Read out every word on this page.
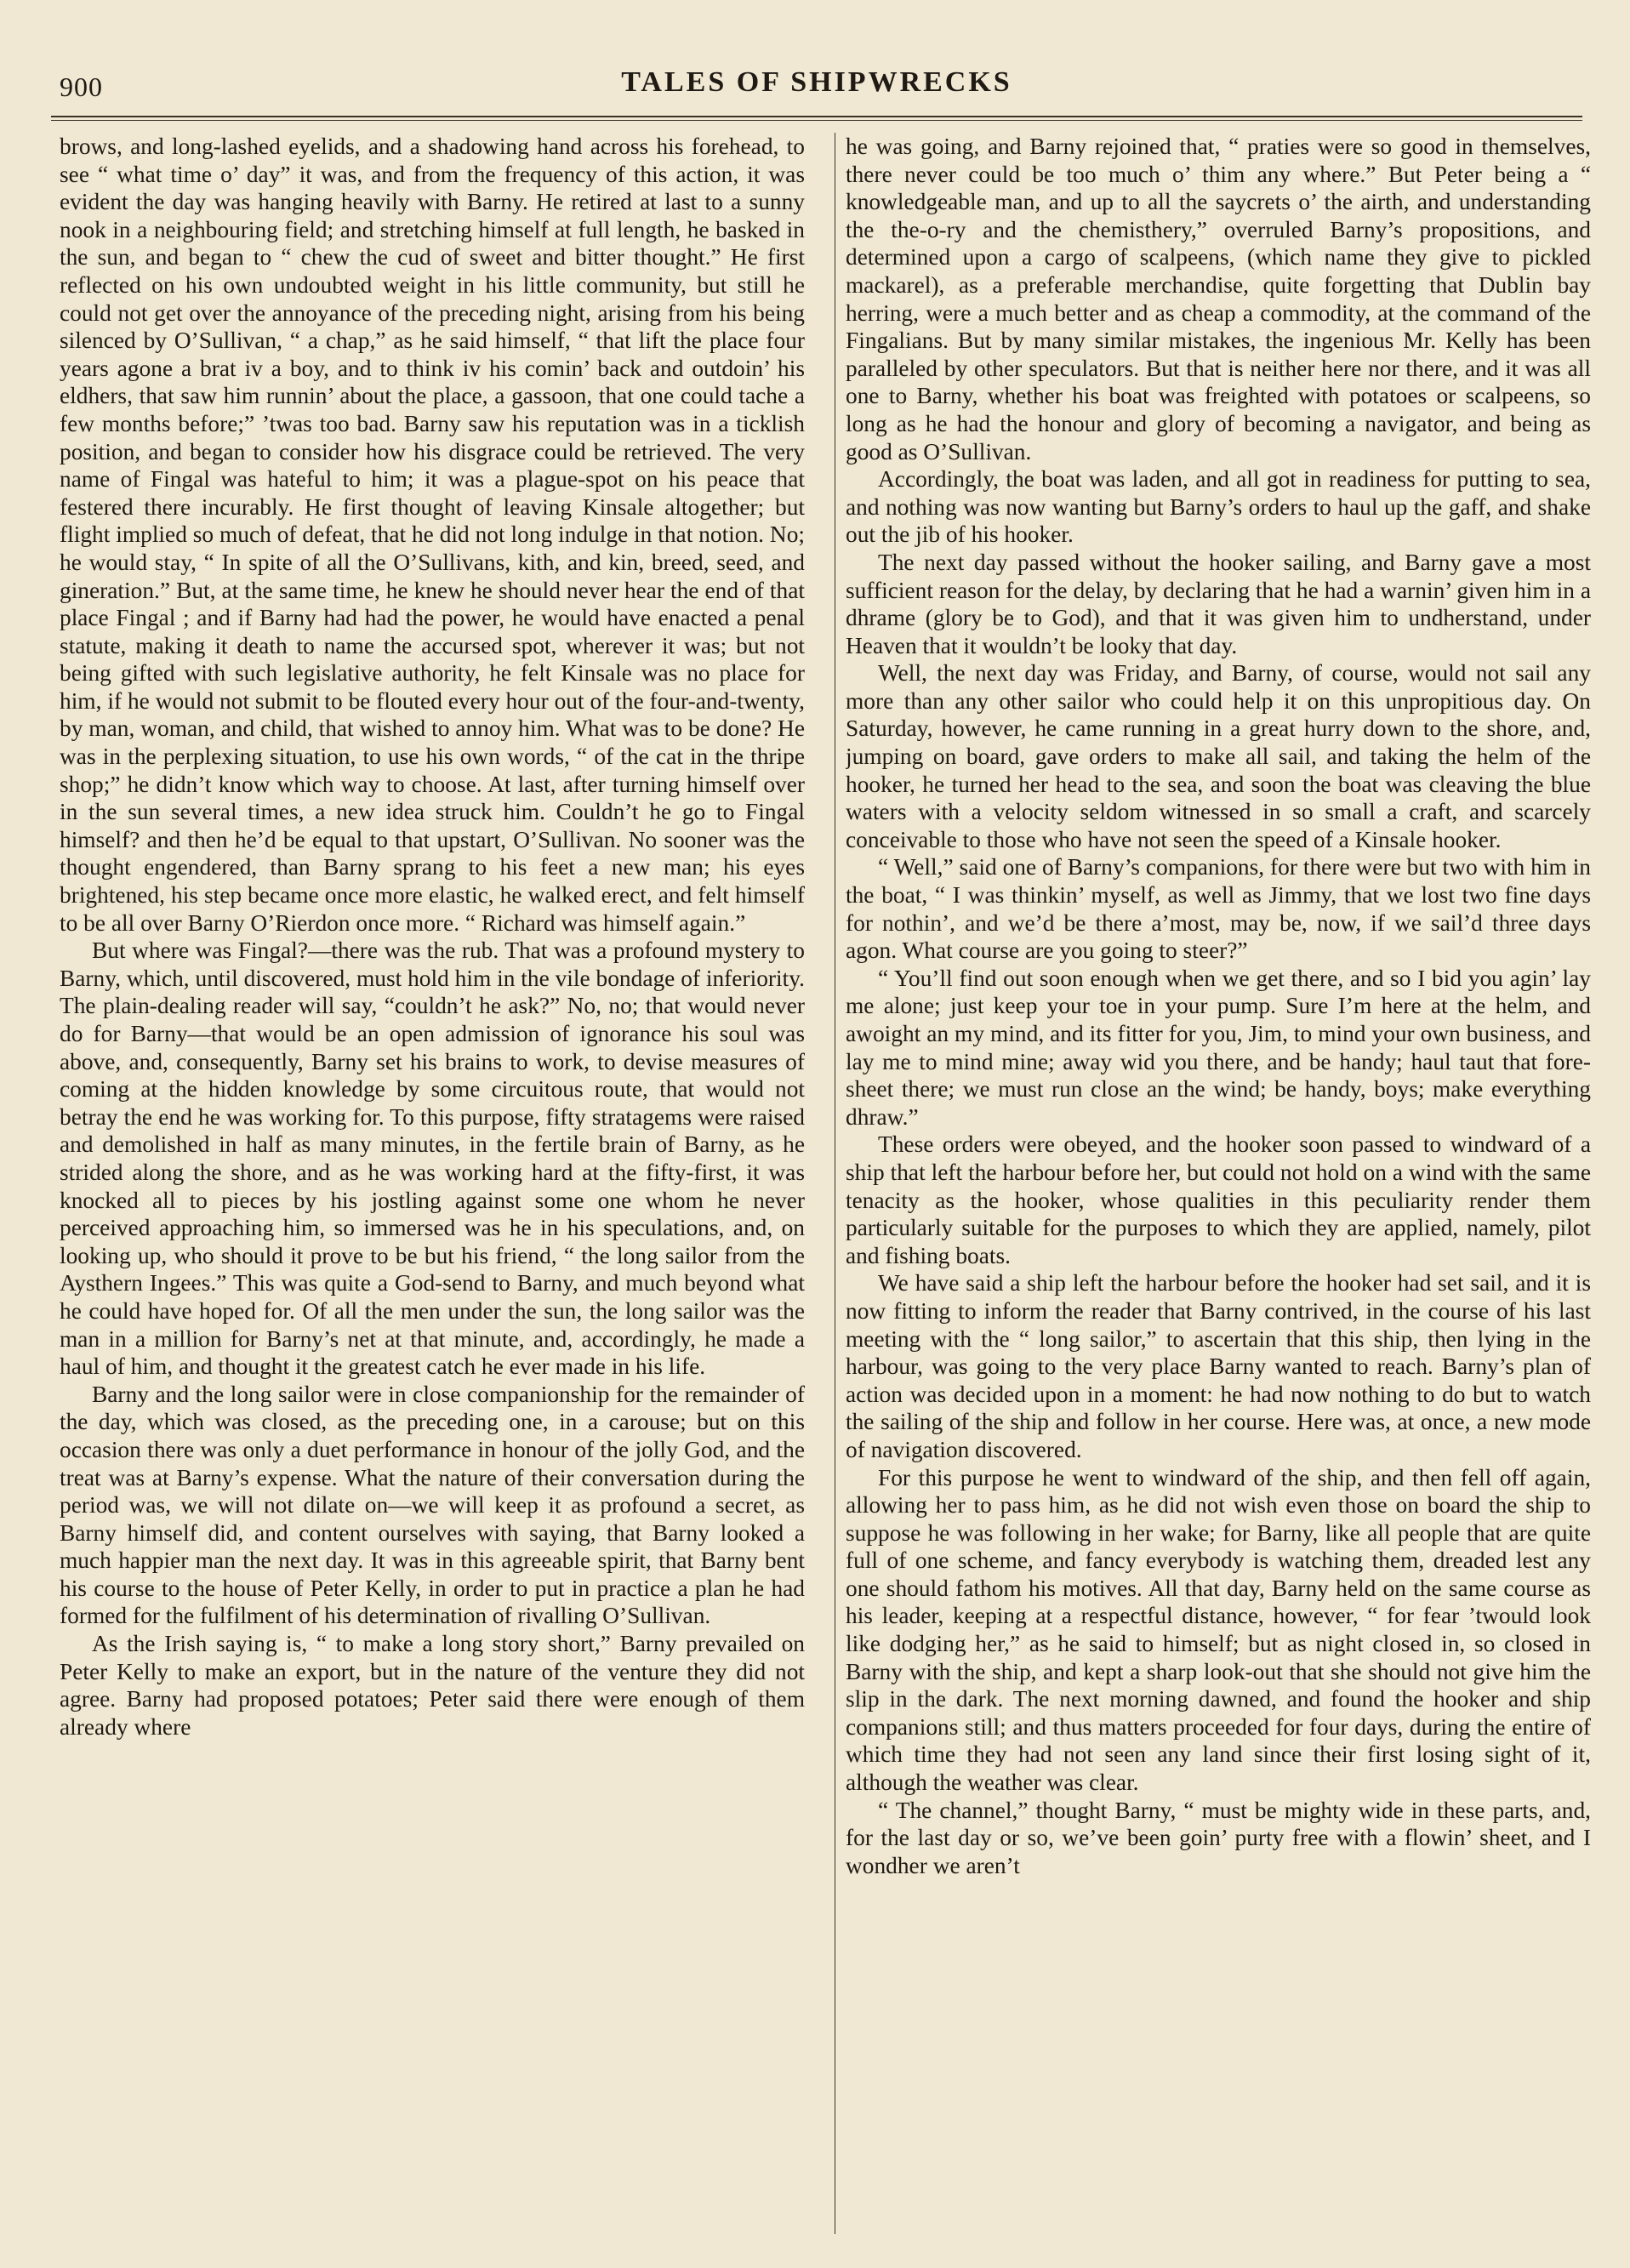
900	TALES OF SHIPWRECKS

brows, and long-lashed eyelids, and a shadowing hand across his forehead, to see “ what time o’ day” it was, and from the frequency of this action, it was evident the day was hanging heavily with Barny. He retired at last to a sunny nook in a neighbouring field; and stretching himself at full length, he basked in the sun, and began to “ chew the cud of sweet and bitter thought.” He first reflected on his own undoubted weight in his little community, but still he could not get over the annoyance of the preceding night, arising from his being silenced by O’Sullivan, “ a chap,” as he said himself, “ that lift the place four years agone a brat iv a boy, and to think iv his comin’ back and outdoin’ his eldhers, that saw him runnin’ about the place, a gassoon, that one could tache a few months before;” ’twas too bad. Barny saw his reputation was in a ticklish position, and began to consider how his disgrace could be retrieved. The very name of Fingal was hateful to him; it was a plague-spot on his peace that festered there incurably. He first thought of leaving Kinsale altogether; but flight implied so much of defeat, that he did not long indulge in that notion. No; he would stay, “ In spite of all the O’Sullivans, kith, and kin, breed, seed, and gineration.” But, at the same time, he knew he should never hear the end of that place Fingal ; and if Barny had had the power, he would have enacted a penal statute, making it death to name the accursed spot, wherever it was; but not being gifted with such legislative authority, he felt Kinsale was no place for him, if he would not submit to be flouted every hour out of the four-and-twenty, by man, woman, and child, that wished to annoy him. What was to be done? He was in the perplexing situation, to use his own words, “ of the cat in the thripe shop;” he didn’t know which way to choose. At last, after turning himself over in the sun several times, a new idea struck him. Couldn’t he go to Fingal himself? and then he’d be equal to that upstart, O’Sullivan. No sooner was the thought engendered, than Barny sprang to his feet a new man; his eyes brightened, his step became once more elastic, he walked erect, and felt himself to be all over Barny O’Rierdon once more. “ Richard was himself again.”

But where was Fingal?—there was the rub. That was a profound mystery to Barny, which, until discovered, must hold him in the vile bondage of inferiority. The plain-dealing reader will say, “couldn’t he ask?” No, no; that would never do for Barny—that would be an open admission of ignorance his soul was above, and, consequently, Barny set his brains to work, to devise measures of coming at the hidden knowledge by some circuitous route, that would not betray the end he was working for. To this purpose, fifty stratagems were raised and demolished in half as many minutes, in the fertile brain of Barny, as he strided along the shore, and as he was working hard at the fifty-first, it was knocked all to pieces by his jostling against some one whom he never perceived approaching him, so immersed was he in his speculations, and, on looking up, who should it prove to be but his friend, “ the long sailor from the Aysthern Ingees.” This was quite a God-send to Barny, and much beyond what he could have hoped for. Of all the men under the sun, the long sailor was the man in a million for Barny’s net at that minute, and, accordingly, he made a haul of him, and thought it the greatest catch he ever made in his life.

Barny and the long sailor were in close companionship for the remainder of the day, which was closed, as the preceding one, in a carouse; but on this occasion there was only a duet performance in honour of the jolly God, and the treat was at Barny’s expense. What the nature of their conversation during the period was, we will not dilate on—we will keep it as profound a secret, as Barny himself did, and content ourselves with saying, that Barny looked a much happier man the next day. It was in this agreeable spirit, that Barny bent his course to the house of Peter Kelly, in order to put in practice a plan he had formed for the fulfilment of his determination of rivalling O’Sullivan.

As the Irish saying is, “ to make a long story short,” Barny prevailed on Peter Kelly to make an export, but in the nature of the venture they did not agree. Barny had proposed potatoes; Peter said there were enough of them already where

he was going, and Barny rejoined that, “ praties were so good in themselves, there never could be too much o’ thim any where.” But Peter being a “ knowledgeable man, and up to all the saycrets o’ the airth, and understanding the the-o-ry and the chemisthery,” overruled Barny’s propositions, and determined upon a cargo of scalpeens, (which name they give to pickled mackarel), as a preferable merchandise, quite forgetting that Dublin bay herring, were a much better and as cheap a commodity, at the command of the Fingalians. But by many similar mistakes, the ingenious Mr. Kelly has been paralleled by other speculators. But that is neither here nor there, and it was all one to Barny, whether his boat was freighted with potatoes or scalpeens, so long as he had the honour and glory of becoming a navigator, and being as good as O’Sullivan.

Accordingly, the boat was laden, and all got in readiness for putting to sea, and nothing was now wanting but Barny’s orders to haul up the gaff, and shake out the jib of his hooker.

The next day passed without the hooker sailing, and Barny gave a most sufficient reason for the delay, by declaring that he had a warnin’ given him in a dhrame (glory be to God), and that it was given him to undherstand, under Heaven that it wouldn’t be looky that day.

Well, the next day was Friday, and Barny, of course, would not sail any more than any other sailor who could help it on this unpropitious day. On Saturday, however, he came running in a great hurry down to the shore, and, jumping on board, gave orders to make all sail, and taking the helm of the hooker, he turned her head to the sea, and soon the boat was cleaving the blue waters with a velocity seldom witnessed in so small a craft, and scarcely conceivable to those who have not seen the speed of a Kinsale hooker.

“ Well,” said one of Barny’s companions, for there were but two with him in the boat, “ I was thinkin’ myself, as well as Jimmy, that we lost two fine days for nothin’, and we’d be there a’most, may be, now, if we sail’d three days agon. What course are you going to steer?”

“ You’ll find out soon enough when we get there, and so I bid you agin’ lay me alone; just keep your toe in your pump. Sure I’m here at the helm, and awoight an my mind, and its fitter for you, Jim, to mind your own business, and lay me to mind mine; away wid you there, and be handy; haul taut that fore-sheet there; we must run close an the wind; be handy, boys; make everything dhraw.”

These orders were obeyed, and the hooker soon passed to windward of a ship that left the harbour before her, but could not hold on a wind with the same tenacity as the hooker, whose qualities in this peculiarity render them particularly suitable for the purposes to which they are applied, namely, pilot and fishing boats.

We have said a ship left the harbour before the hooker had set sail, and it is now fitting to inform the reader that Barny contrived, in the course of his last meeting with the “ long sailor,” to ascertain that this ship, then lying in the harbour, was going to the very place Barny wanted to reach. Barny’s plan of action was decided upon in a moment: he had now nothing to do but to watch the sailing of the ship and follow in her course. Here was, at once, a new mode of navigation discovered.

For this purpose he went to windward of the ship, and then fell off again, allowing her to pass him, as he did not wish even those on board the ship to suppose he was following in her wake; for Barny, like all people that are quite full of one scheme, and fancy everybody is watching them, dreaded lest any one should fathom his motives. All that day, Barny held on the same course as his leader, keeping at a respectful distance, however, “ for fear ’twould look like dodging her,” as he said to himself; but as night closed in, so closed in Barny with the ship, and kept a sharp look-out that she should not give him the slip in the dark. The next morning dawned, and found the hooker and ship companions still; and thus matters proceeded for four days, during the entire of which time they had not seen any land since their first losing sight of it, although the weather was clear.

“ The channel,” thought Barny, “ must be mighty wide in these parts, and, for the last day or so, we’ve been goin’ purty free with a flowin’ sheet, and I wondher we aren’t
